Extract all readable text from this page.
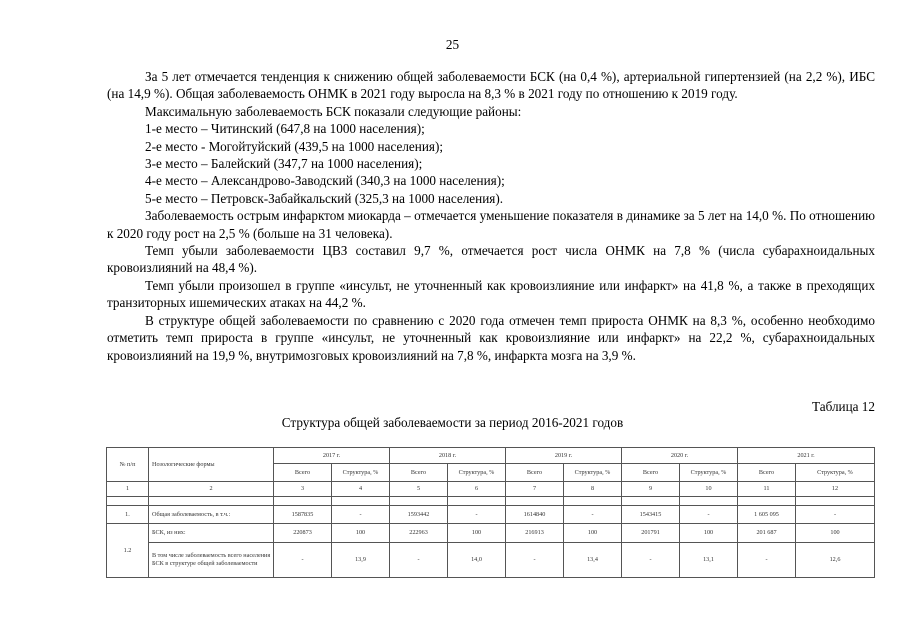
25

За 5 лет отмечается тенденция к снижению общей заболеваемости БСК (на 0,4 %), артериальной гипертензией (на 2,2 %), ИБС (на 14,9 %). Общая заболеваемость ОНМК в 2021 году выросла на 8,3 % в 2021 году по отношению к 2019 году.

Максимальную заболеваемость БСК показали следующие районы:

1-е место – Читинский (647,8 на 1000 населения);

2-е место - Могойтуйский (439,5 на 1000 населения);

3-е место – Балейский (347,7 на 1000 населения);

4-е место – Александрово-Заводский (340,3 на 1000 населения);

5-е место – Петровск-Забайкальский (325,3 на 1000 населения).

Заболеваемость острым инфарктом миокарда – отмечается уменьшение показателя в динамике за 5 лет на 14,0 %. По отношению к 2020 году рост на 2,5 % (больше на 31 человека).

Темп убыли заболеваемости ЦВЗ составил 9,7 %, отмечается рост числа ОНМК на 7,8 % (числа субарахноидальных кровоизлияний на 48,4 %).

Темп убыли произошел в группе «инсульт, не уточненный как кровоизлияние или инфаркт» на 41,8 %, а также в преходящих транзиторных ишемических атаках на 44,2 %.

В структуре общей заболеваемости по сравнению с 2020 года отмечен темп прироста ОНМК на 8,3 %, особенно необходимо отметить темп прироста в группе «инсульт, не уточненный как кровоизлияние или инфаркт» на 22,2 %, субарахноидальных кровоизлияний на 19,9 %, внутримозговых кровоизлияний на 7,8 %, инфаркта мозга на 3,9 %.

Таблица 12
Структура общей заболеваемости за период 2016-2021 годов
№ п/п	Нозологические формы	2017 г.		2018 г.		2019 г.		2020 г.		2021 г.	
		Всего	Структура, %	Всего	Структура, %	Всего	Структура, %	Всего	Структура, %	Всего	Структура, %
1	2	3	4	5	6	7	8	9	10	11	12

1.	Общая заболеваемость, в т.ч.:	1587835	-	1593442	-	1614840	-	1543415	-	1 605 095	-
1.2	БСК, из них:	220873	100	222963	100	216913	100	201791	100	201 687	100
	В том числе заболеваемость всего населения БСК в структуре общей заболеваемости	-	13,9	-	14,0	-	13,4	-	13,1	-	12,6
